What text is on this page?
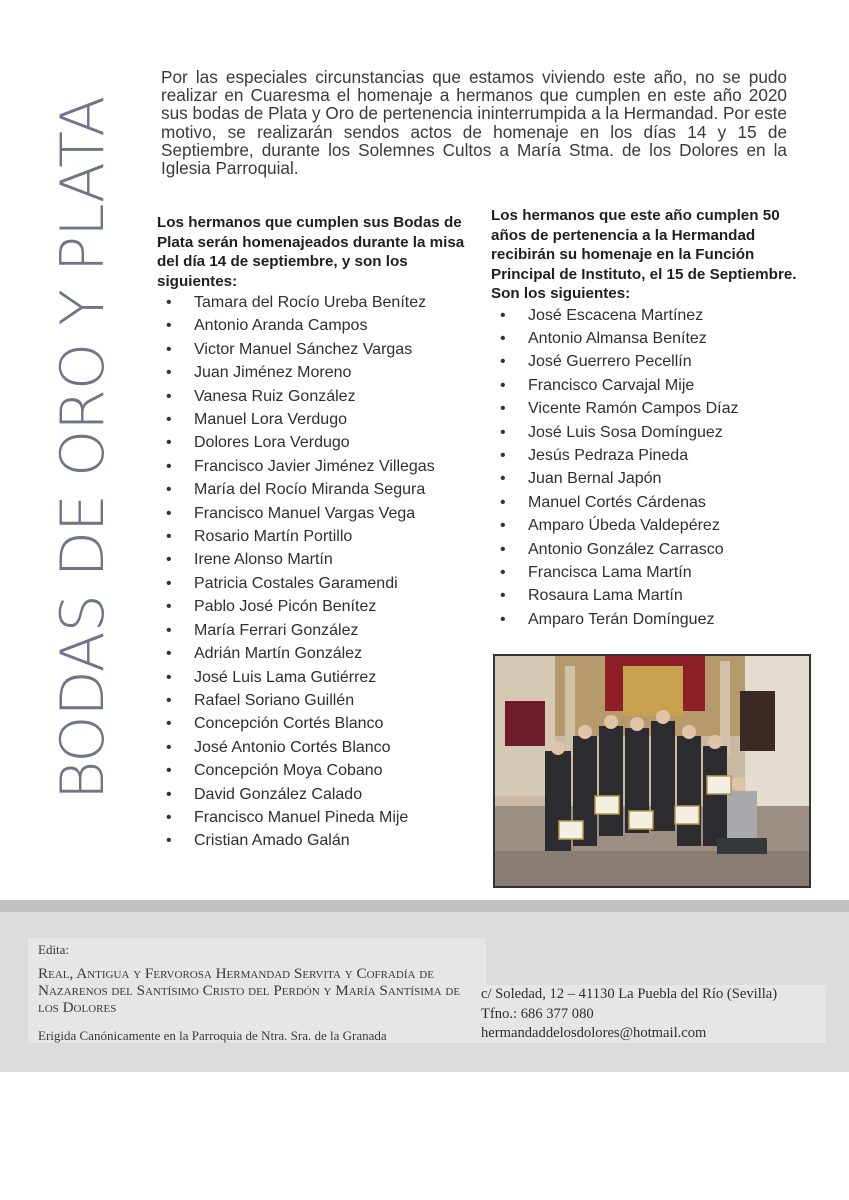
BODAS DE ORO Y PLATA

Por las especiales circunstancias que estamos viviendo este año, no se pudo realizar en Cuaresma el homenaje a hermanos que cumplen en este año 2020 sus bodas de Plata y Oro de pertenencia ininterrumpida a la Hermandad. Por este motivo, se realizarán sendos actos de homenaje en los días 14 y 15 de Septiembre, durante los Solemnes Cultos a María Stma. de los Dolores en la Iglesia Parroquial.

Los hermanos que cumplen sus Bodas de Plata serán homenajeados durante la misa del día 14 de septiembre, y son los siguientes:

• Tamara del Rocío Ureba Benítez
• Antonio Aranda Campos
• Victor Manuel Sánchez Vargas
• Juan Jiménez Moreno
• Vanesa Ruiz González
• Manuel Lora Verdugo
• Dolores Lora Verdugo
• Francisco Javier Jiménez Villegas
• María del Rocío Miranda Segura
• Francisco Manuel Vargas Vega
• Rosario Martín Portillo
• Irene Alonso Martín
• Patricia Costales Garamendi
• Pablo José Picón Benítez
• María Ferrari González
• Adrián Martín González
• José Luis Lama Gutiérrez
• Rafael Soriano Guillén
• Concepción Cortés Blanco
• José Antonio Cortés Blanco
• Concepción Moya Cobano
• David González Calado
• Francisco Manuel Pineda Mije
• Cristian Amado Galán

Los hermanos que este año cumplen 50 años de pertenencia a la Hermandad recibirán su homenaje en la Función Principal de Instituto, el 15 de Septiembre. Son los siguientes:

• José Escacena Martínez
• Antonio Almansa Benítez
• José Guerrero Pecellín
• Francisco Carvajal Mije
• Vicente Ramón Campos Díaz
• José Luis Sosa Domínguez
• Jesús Pedraza Pineda
• Juan Bernal Japón
• Manuel Cortés Cárdenas
• Amparo Úbeda Valdepérez
• Antonio González Carrasco
• Francisca Lama Martín
• Rosaura Lama Martín
• Amparo Terán Domínguez
Edita:
Real, Antigua y Fervorosa Hermandad Servita y Cofradía de Nazarenos del Santísimo Cristo del Perdón y María Santísima de los Dolores
Erigida Canónicamente en la Parroquia de Ntra. Sra. de la Granada
c/ Soledad, 12 – 41130 La Puebla del Río (Sevilla)
Tfno.: 686 377 080
hermandaddelosdolores@hotmail.com
